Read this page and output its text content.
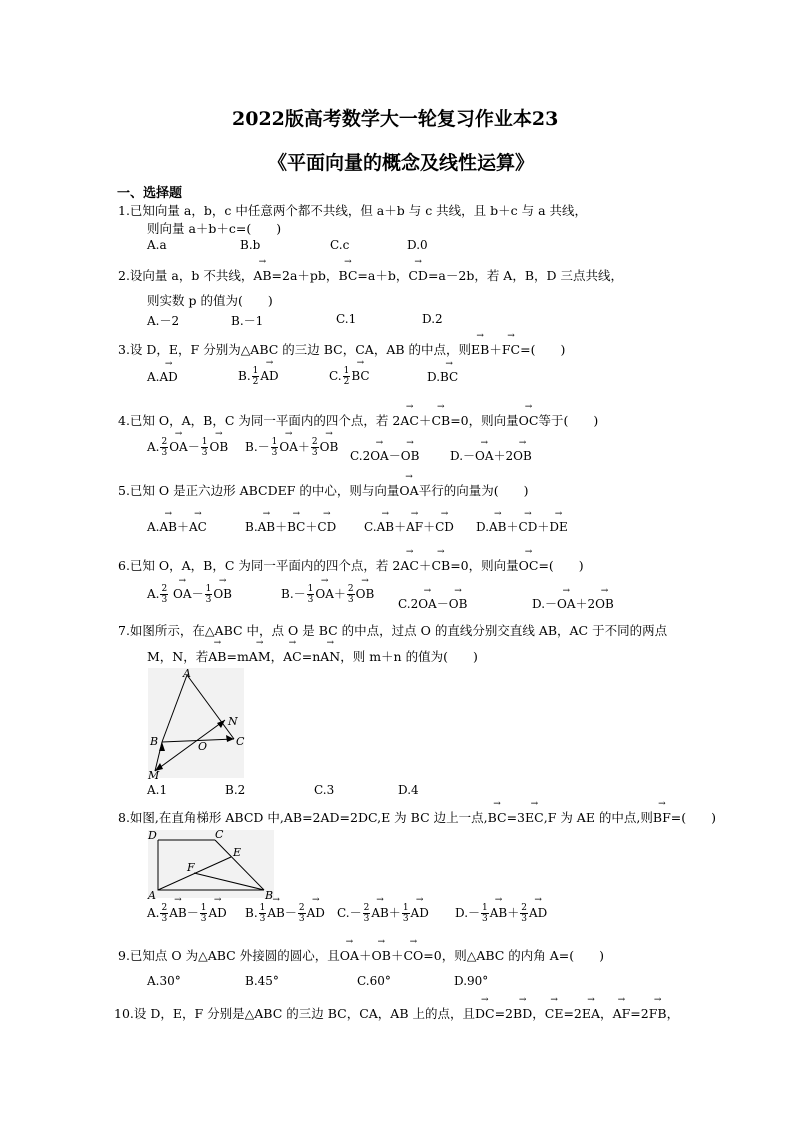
2022版高考数学大一轮复习作业本23
《平面向量的概念及线性运算》
一、选择题
1.已知向量 a，b，c 中任意两个都不共线，但 a＋b 与 c 共线，且 b＋c 与 a 共线，
则向量 a＋b＋c=(　　)
A.a	B.b	C.c	D.0
2.设向量 a，b 不共线，→ AB=2a＋pb，→ BC=a＋b，→ CD=a－2b，若 A，B，D 三点共线，
则实数 p 的值为(　　)
A.－2	B.－1	C.1	D.2
3.设 D，E，F 分别为△ABC 的三边 BC，CA，AB 的中点，则→ EB＋→ FC=(　　)
A.→ AD	B. $\frac{1}{2}$
→ AD	C. $\frac{1}{2}$
→ BC	D.→ BC
4.已知 O，A，B，C 为同一平面内的四个点，若 2→ AC＋→ CB=0，则向量→ OC等于(　　)
A. $\frac{2}{3}$
→ $OA- \frac{1}{3}$
→ OB $B.- \frac{1}{3}$
→ $OA+ \frac{2}{3}$
→ OB
C.2→ OA－→ OB	D.－→ OA＋2→ OB
5.已知 O 是正六边形 ABCDEF 的中心，则与向量→ OA平行的向量为(　　)
A.→ AB＋→ AC	B.→ AB＋→ BC＋→ CD C.→ AB＋→ AF＋→ CD D.→ AB＋→ CD＋→ DE
6.已知 O，A，B，C 为同一平面内的四个点，若 2→ AC＋→ CB=0，则向量→ OC=(　　)
A. $\frac{2}{3}$
→ $OA- \frac{1}{3}$
→ OB	$B.- \frac{1}{3}$
→ $OA+ \frac{2}{3}$
→ OB
C.2→ OA－→ OB	D.－→ OA＋2→ OB
7.如图所示，在△ABC 中，点 O 是 BC 的中点，过点 O 的直线分别交直线 AB，AC 于不同的两点
M，N，若→ AB=m→ AM，→ AC=n→ AN，则 m＋n 的值为(　　)
A
B	C
O
N
M
A.1	B.2	C.3	D.4
8.如图,在直角梯形 ABCD 中,AB=2AD=2DC,E 为 BC 边上一点,→ BC=3→ EC,F 为 AE 的中点,则→ BF=(　　)
D	C
E
F
A	B
A. $\frac{2}{3}$
→ $AB- \frac{1}{3}$
→ AD B. $\frac{1}{3}$
→ $AB- \frac{2}{3}$
→ AD $C.- \frac{2}{3}$
→ $AB+ \frac{1}{3}$
→ AD $D.- \frac{1}{3}$
→ $AB+ \frac{2}{3}$
→ AD
9.已知点 O 为△ABC 外接圆的圆心，且→ OA＋→ OB＋→ CO=0，则△ABC 的内角 A=(　　)
A.30°	B.45°	C.60°	D.90°
10.设 D，E，F 分别是△ABC 的三边 BC，CA，AB 上的点，且→ DC=2→ BD，→ CE=2→ EA，→ AF=2→ FB，
